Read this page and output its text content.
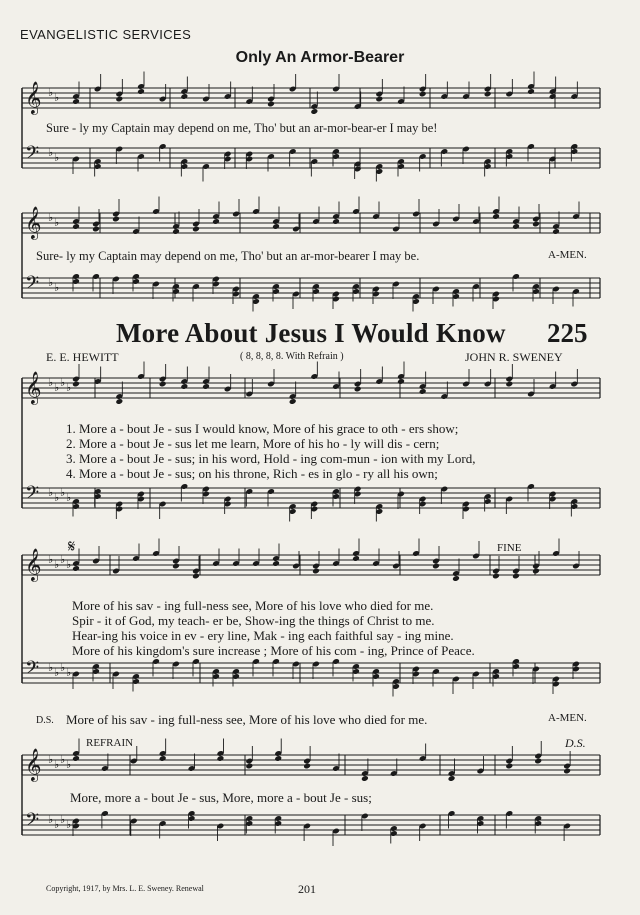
EVANGELISTIC SERVICES
Only An Armor-Bearer
Sure - ly my Captain may depend on me, Tho' but an ar-mor-bear-er I may be!
Sure- ly my Captain may depend on me, Tho' but an ar-mor-bearer I may be.	A-MEN.
More About Jesus I Would Know 225
E. E. HEWITT	( 8, 8, 8, 8. With Refrain )	JOHN R. SWENEY
1. More a - bout Je - sus I would know, More of his grace to oth - ers show;
2. More a - bout Je - sus let me learn, More of his ho - ly will dis - cern;
3. More a - bout Je - sus; in his word, Hold - ing com-mun - ion with my Lord,
4. More a - bout Je - sus; on his throne, Rich - es in glo - ry all his own;
𝄋	FINE
More of his sav - ing full-ness see, More of his love who died for me.
Spir - it of God, my teach- er be, Show-ing the things of Christ to me.
Hear-ing his voice in ev - ery line, Mak - ing each faithful say - ing mine.
More of his kingdom's sure increase ; More of his com - ing, Prince of Peace.
D.S. More of his sav - ing full-ness see, More of his love who died for me.	A-MEN.
REFRAIN	D.S.
More, more a - bout Je - sus, More, more a - bout Je - sus;
Copyright, 1917, by Mrs. L. E. Sweney. Renewal	201
𝄞 ♭ ♭
𝄢 ♭ ♭
𝄞 ♭ ♭
𝄢 ♭ ♭
𝄞 ♭ ♭ ♭ ♭
𝄢 ♭ ♭ ♭ ♭
𝄞 ♭ ♭ ♭ ♭
𝄢 ♭ ♭ ♭ ♭
𝄞 ♭ ♭ ♭ ♭
𝄢 ♭ ♭ ♭ ♭
